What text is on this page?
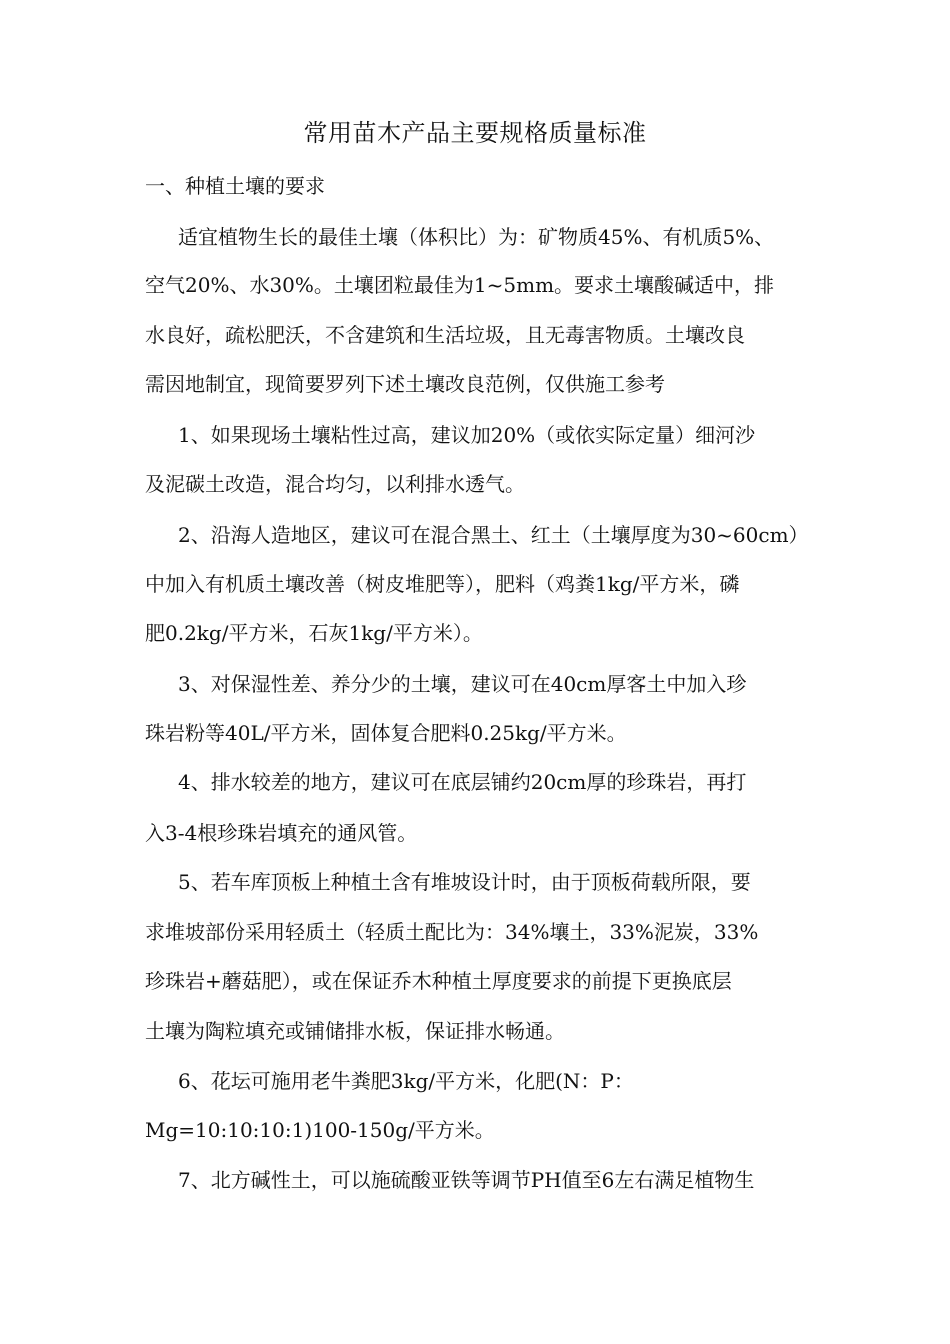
常用苗木产品主要规格质量标准
一、种植土壤的要求
适宜植物生长的最佳土壤（体积比）为：矿物质45%、有机质5%、
空气20%、水30%。土壤团粒最佳为1~5mm。要求土壤酸碱适中，排
水良好，疏松肥沃，不含建筑和生活垃圾，且无毒害物质。土壤改良
需因地制宜，现简要罗列下述土壤改良范例，仅供施工参考
1、如果现场土壤粘性过高，建议加20%（或依实际定量）细河沙
及泥碳土改造，混合均匀，以利排水透气。
2、沿海人造地区，建议可在混合黑土、红土（土壤厚度为30~60cm）
中加入有机质土壤改善（树皮堆肥等），肥料（鸡粪1kg/平方米，磷
肥0.2kg/平方米，石灰1kg/平方米）。
3、对保湿性差、养分少的土壤，建议可在40cm厚客土中加入珍
珠岩粉等40L/平方米，固体复合肥料0.25kg/平方米。
4、排水较差的地方，建议可在底层铺约20cm厚的珍珠岩，再打
入3-4根珍珠岩填充的通风管。
5、若车库顶板上种植土含有堆坡设计时，由于顶板荷载所限，要
求堆坡部份采用轻质土（轻质土配比为：34%壤土，33%泥炭，33%
珍珠岩+蘑菇肥），或在保证乔木种植土厚度要求的前提下更换底层
土壤为陶粒填充或铺储排水板，保证排水畅通。
6、花坛可施用老牛粪肥3kg/平方米，化肥(N：P：
Mg=10:10:10:1)100-150g/平方米。
7、北方碱性土，可以施硫酸亚铁等调节PH值至6左右满足植物生
